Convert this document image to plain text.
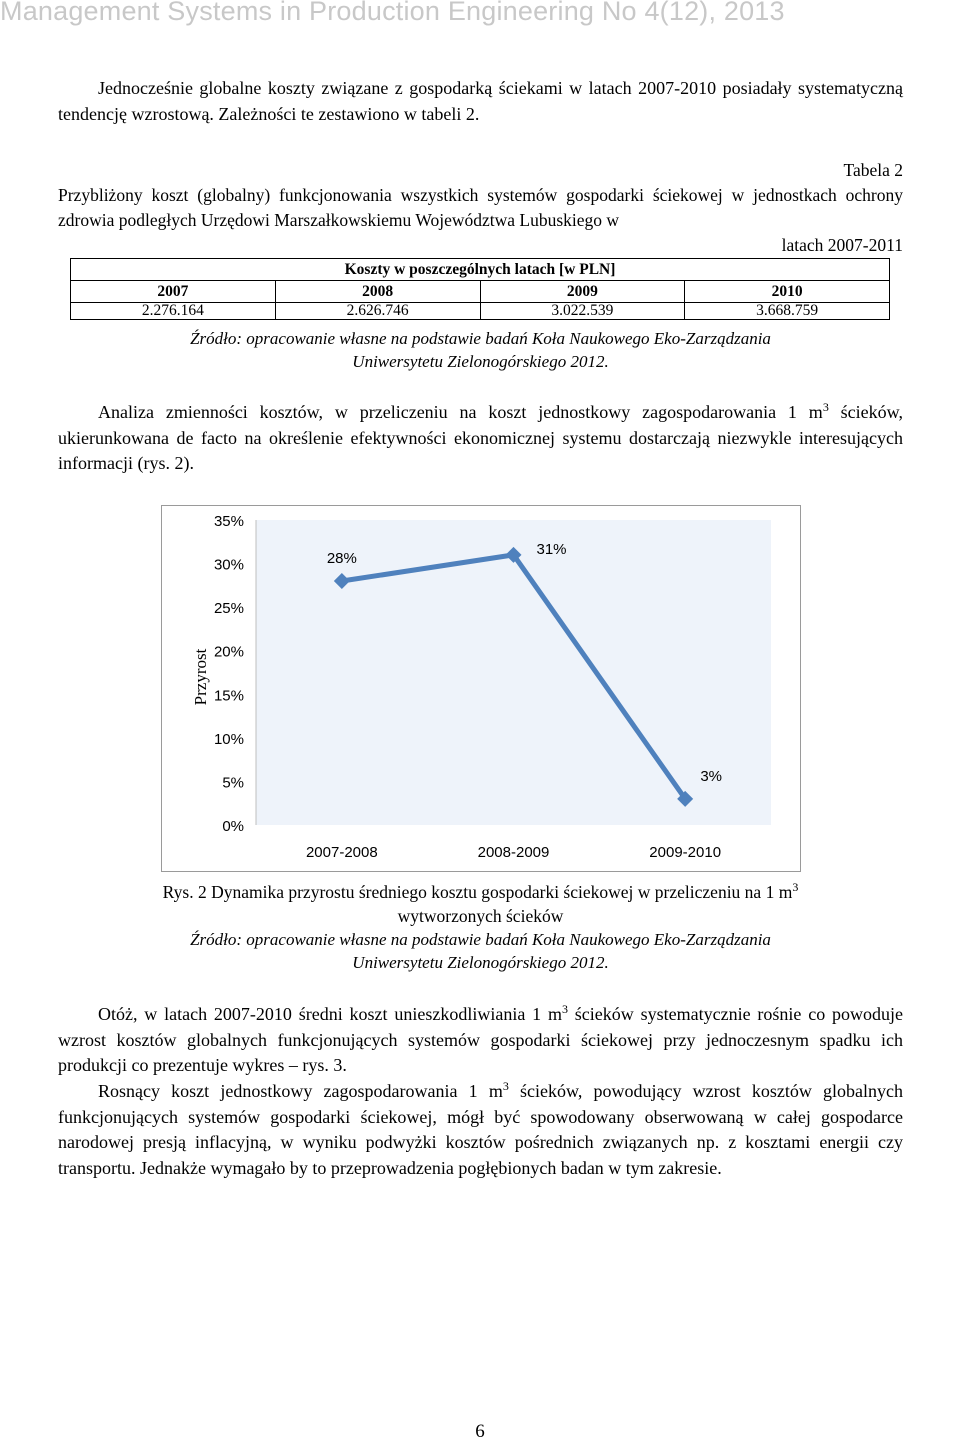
Management Systems in Production Engineering No 4(12), 2013
Jednocześnie globalne koszty związane z gospodarką ściekami w latach 2007-2010 posiadały systematyczną tendencję wzrostową. Zależności te zestawiono w tabeli 2.
Tabela 2
Przybliżony koszt (globalny) funkcjonowania wszystkich systemów gospodarki ściekowej w jednostkach ochrony zdrowia podległych Urzędowi Marszałkowskiemu Województwa Lubuskiego w
latach 2007-2011
Koszty w poszczególnych latach [w PLN]			
2007	2008	2009	2010
2.276.164	2.626.746	3.022.539	3.668.759
Źródło: opracowanie własne na podstawie badań Koła Naukowego Eko-Zarządzania
Uniwersytetu Zielonogórskiego 2012.
Analiza zmienności kosztów, w przeliczeniu na koszt jednostkowy zagospodarowania 1 $m^3$ ścieków, ukierunkowana de facto na określenie efektywności ekonomicznej systemu dostarczają niezwykle interesujących informacji (rys. 2).
0%
5%
10%
15%
20%
25%
30%
35%
2007-2008	2008-2009	2009-2010
28%
31%
3%
Przyrost
Rys. 2 Dynamika przyrostu średniego kosztu gospodarki ściekowej w przeliczeniu na 1 $m^3$
wytworzonych ścieków
Źródło: opracowanie własne na podstawie badań Koła Naukowego Eko-Zarządzania
Uniwersytetu Zielonogórskiego 2012.
Otóż, w latach 2007-2010 średni koszt unieszkodliwiania 1 $m^3$ ścieków systematycznie rośnie co powoduje wzrost kosztów globalnych funkcjonujących systemów gospodarki ściekowej przy jednoczesnym spadku ich produkcji co prezentuje wykres – rys. 3.
Rosnący koszt jednostkowy zagospodarowania 1 $m^3$ ścieków, powodujący wzrost kosztów globalnych funkcjonujących systemów gospodarki ściekowej, mógł być spowodowany obserwowaną w całej gospodarce narodowej presją inflacyjną, w wyniku podwyżki kosztów pośrednich związanych np. z kosztami energii czy transportu. Jednakże wymagało by to przeprowadzenia pogłębionych badan w tym zakresie.
6
